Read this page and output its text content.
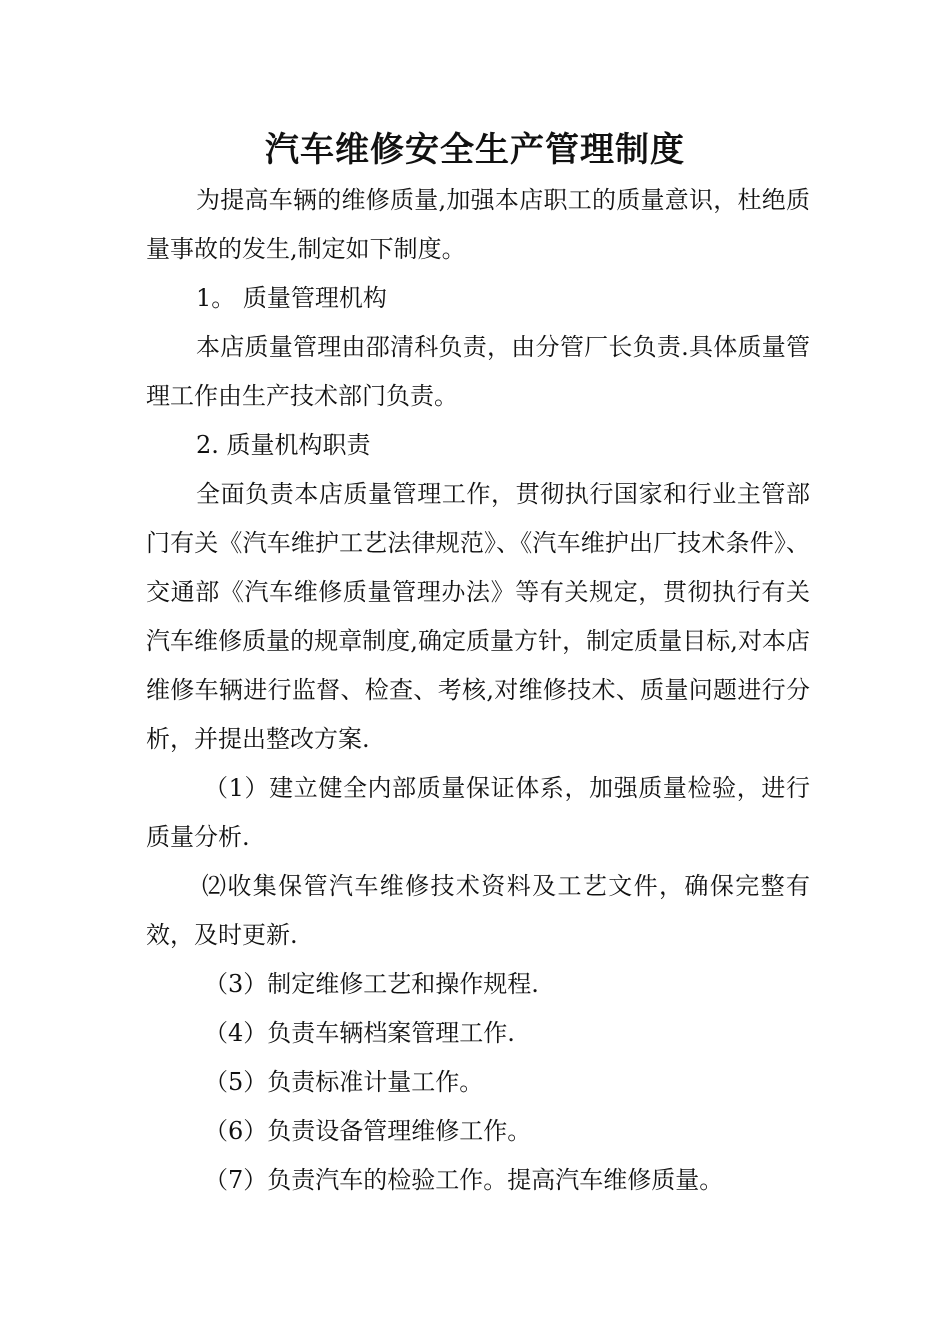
汽车维修安全生产管理制度

为提高车辆的维修质量,加强本店职工的质量意识，杜绝质量事故的发生,制定如下制度。

1。 质量管理机构

本店质量管理由邵清科负责，由分管厂长负责.具体质量管理工作由生产技术部门负责。

2. 质量机构职责

全面负责本店质量管理工作，贯彻执行国家和行业主管部门有关《汽车维护工艺法律规范》、《汽车维护出厂技术条件》、交通部《汽车维修质量管理办法》等有关规定，贯彻执行有关汽车维修质量的规章制度,确定质量方针，制定质量目标,对本店维修车辆进行监督、检查、考核,对维修技术、质量问题进行分析，并提出整改方案.

（1）建立健全内部质量保证体系，加强质量检验，进行质量分析.

⑵收集保管汽车维修技术资料及工艺文件，确保完整有效，及时更新.

（3）制定维修工艺和操作规程.

（4）负责车辆档案管理工作.

（5）负责标准计量工作。

（6）负责设备管理维修工作。

（7）负责汽车的检验工作。提高汽车维修质量。
